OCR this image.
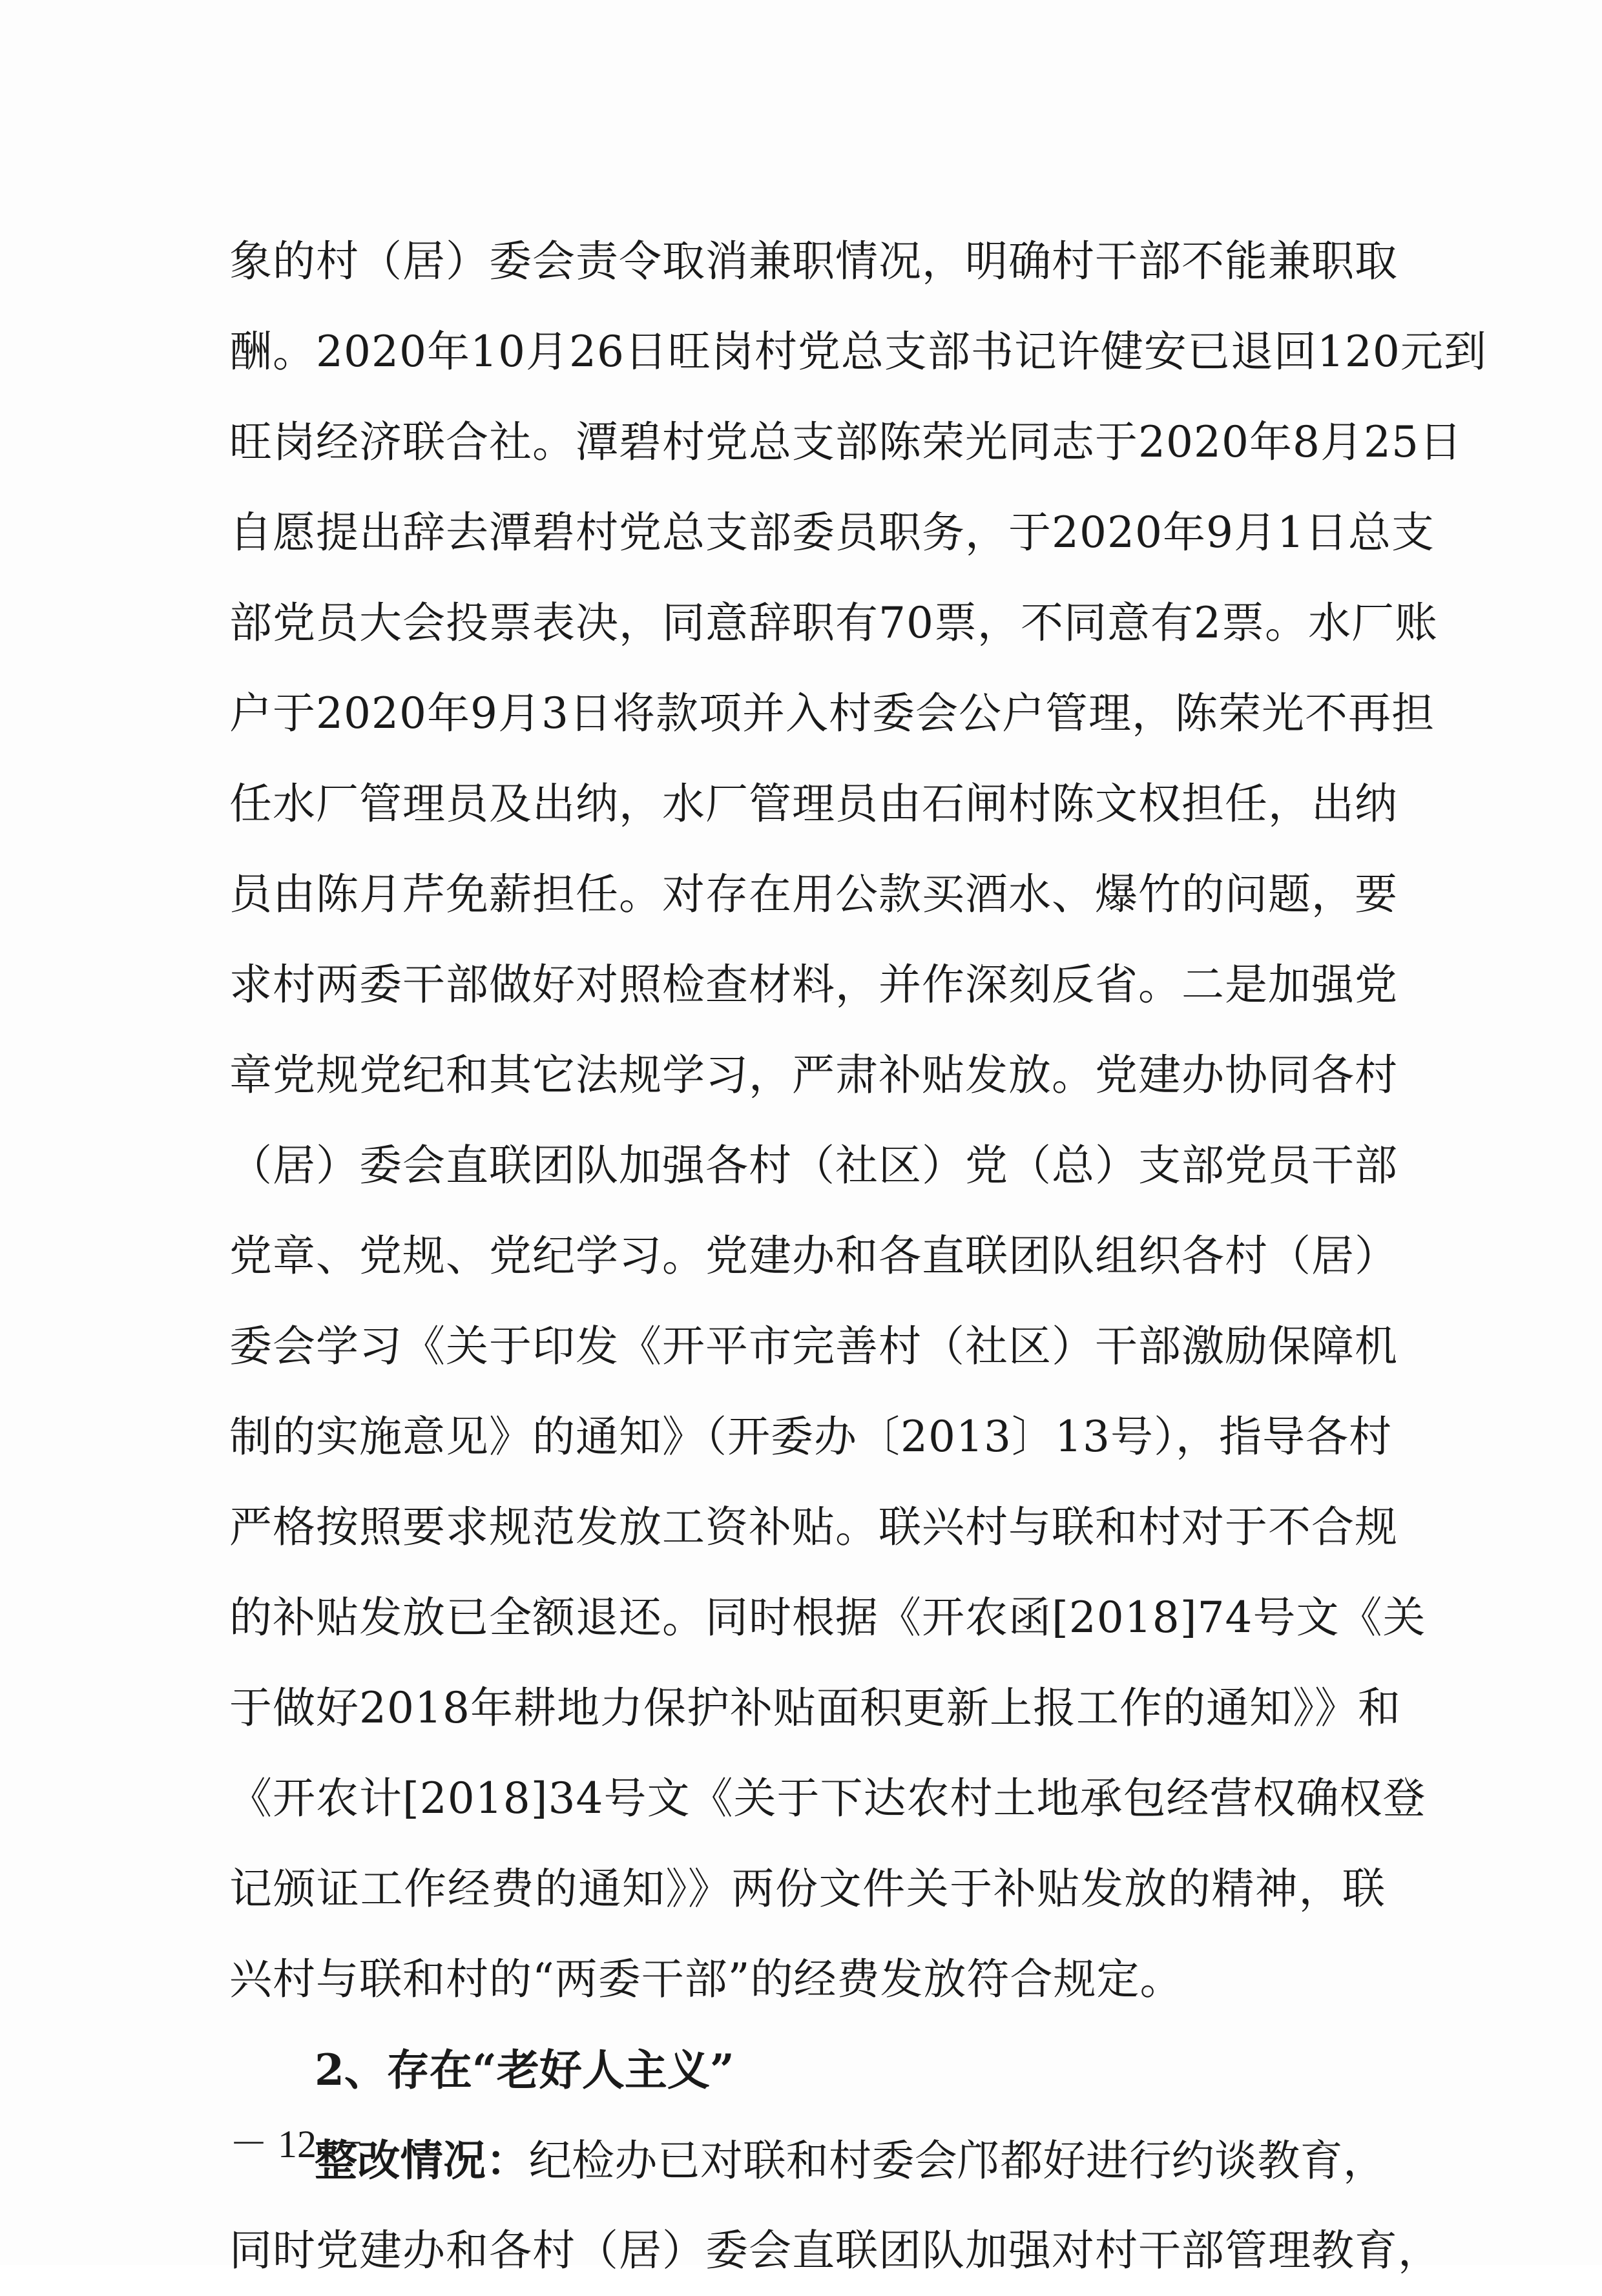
象的村（居）委会责令取消兼职情况，明确村干部不能兼职取
酬。2020年10月26日旺岗村党总支部书记许健安已退回120元到
旺岗经济联合社。潭碧村党总支部陈荣光同志于2020年8月25日
自愿提出辞去潭碧村党总支部委员职务，于2020年9月1日总支
部党员大会投票表决，同意辞职有70票，不同意有2票。水厂账
户于2020年9月3日将款项并入村委会公户管理，陈荣光不再担
任水厂管理员及出纳，水厂管理员由石闸村陈文权担任，出纳
员由陈月芹免薪担任。对存在用公款买酒水、爆竹的问题，要
求村两委干部做好对照检查材料，并作深刻反省。二是加强党
章党规党纪和其它法规学习，严肃补贴发放。党建办协同各村
（居）委会直联团队加强各村（社区）党（总）支部党员干部
党章、党规、党纪学习。党建办和各直联团队组织各村（居）
委会学习《关于印发《开平市完善村（社区）干部激励保障机
制的实施意见》的通知》（开委办〔2013〕13号），指导各村
严格按照要求规范发放工资补贴。联兴村与联和村对于不合规
的补贴发放已全额退还。同时根据《开农函[2018]74号文《关
于做好2018年耕地力保护补贴面积更新上报工作的通知》》和
《开农计[2018]34号文《关于下达农村土地承包经营权确权登
记颁证工作经费的通知》》两份文件关于补贴发放的精神，联
兴村与联和村的“两委干部”的经费发放符合规定。
2、存在“老好人主义”
整改情况：纪检办已对联和村委会邝都好进行约谈教育，
同时党建办和各村（居）委会直联团队加强对村干部管理教育，
－ 12 －
